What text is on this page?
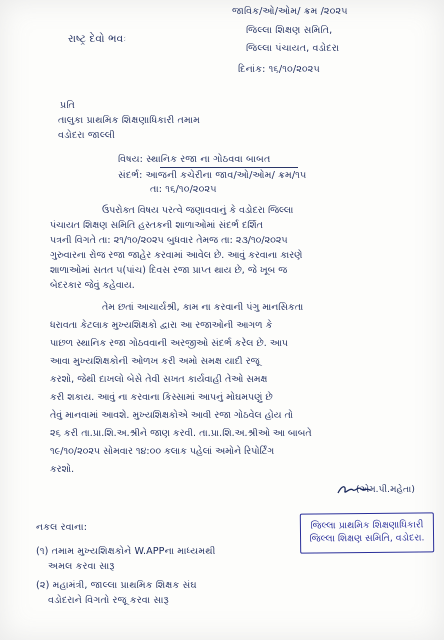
રાષ્ટ્ર દેવો ભવઃ
જાવિક/ઓ/ઓમ/ ક્રમ /૨૦૨૫
જિલ્લા શિક્ષણ સમિતિ,
જિલ્લા પંચાયત, વડોદરા
દિનાંક: ૧૬/૧૦/૨૦૨૫
પ્રતિ
તાલુકા પ્રાથમિક શિક્ષણાધિકારી તમામ
વડોદરા જાલ્લી
વિષય: સ્થાનિક રજા ના ગોઠવવા બાબત
સંદર્ભ: આજની કચેરીના જાવ/ઓ/ઓમ/ ક્રમ/૧૫
તા: ૧૬/૧૦/૨૦૨૫
ઉપરોક્ત વિષય પરત્વે જણાવવાનું કે વડોદરા જિલ્લા
પંચાયત શિક્ષણ સમિતિ હસ્તકની શાળાઓમાં સંદર્ભ દર્શિત
પત્રની વિગતે તા: ૨૧/૧૦/૨૦૨૫ બુધવાર તેમજ તા: ૨૩/૧૦/૨૦૨૫
ગુરુવારના રોજ રજા જાહેર કરવામાં આવેલ છે. આવું કરવાના કારણે
શાળાઓમાં સતત ૫(પાંચ) દિવસ રજા પ્રાપ્ત થાય છે, જે ખૂબ જ
બેદરકાર જેવું કહેવાય.
તેમ છતાં આચાર્યશ્રી, કામ ના કરવાની પંગુ માનસિકતા
ધરાવતા કેટલાક મુખ્યશિક્ષકો દ્વારા આ રજાઓની આગળ કે
પાછળ સ્થાનિક રજા ગોઠવવાની અરજીઓ સંદર્ભ કરેલ છે. આપ
આવા મુખ્યશિક્ષકોની ઓળખ કરી અમો સમક્ષ યાદી રજૂ
કરશો, જેથી દાખલો બેસે તેવી સખત કાર્યવાહી તેઓ સમક્ષ
કરી શકાય. આવું ના કરવાના કિસ્સામાં આપનું મોઘમપણું છે
તેવું માનવામાં આવશે. મુખ્યશિક્ષકોએ આવી રજા ગોઠવેલ હોય તો
૨૬ કરી તા.પ્રા.શિ.અ.શ્રીને જાણ કરવી. તા.પ્રા.શિ.અ.શ્રીઓ આ બાબતે
૧૯/૧૦/૨૦૨૫ સોમવાર ૧૪:૦૦ કલાક પહેલાં અમોને રિપોર્ટિંગ
કરશો.
(એમ.પી.મહેતા)
જિલ્લા પ્રાથમિક શિક્ષણાધિકારી
જિલ્લા શિક્ષણ સમિતિ, વડોદરા.
નકલ રવાના:
(૧) તમામ મુખ્યશિક્ષકોને W.APPના માધ્યમથી
અમલ કરવા સારૂ
(૨) મહામંત્રી, જાલ્લા પ્રાથમિક શિક્ષક સંઘ
વડોદરાને વિગતો રજૂ કરવા સારૂ
